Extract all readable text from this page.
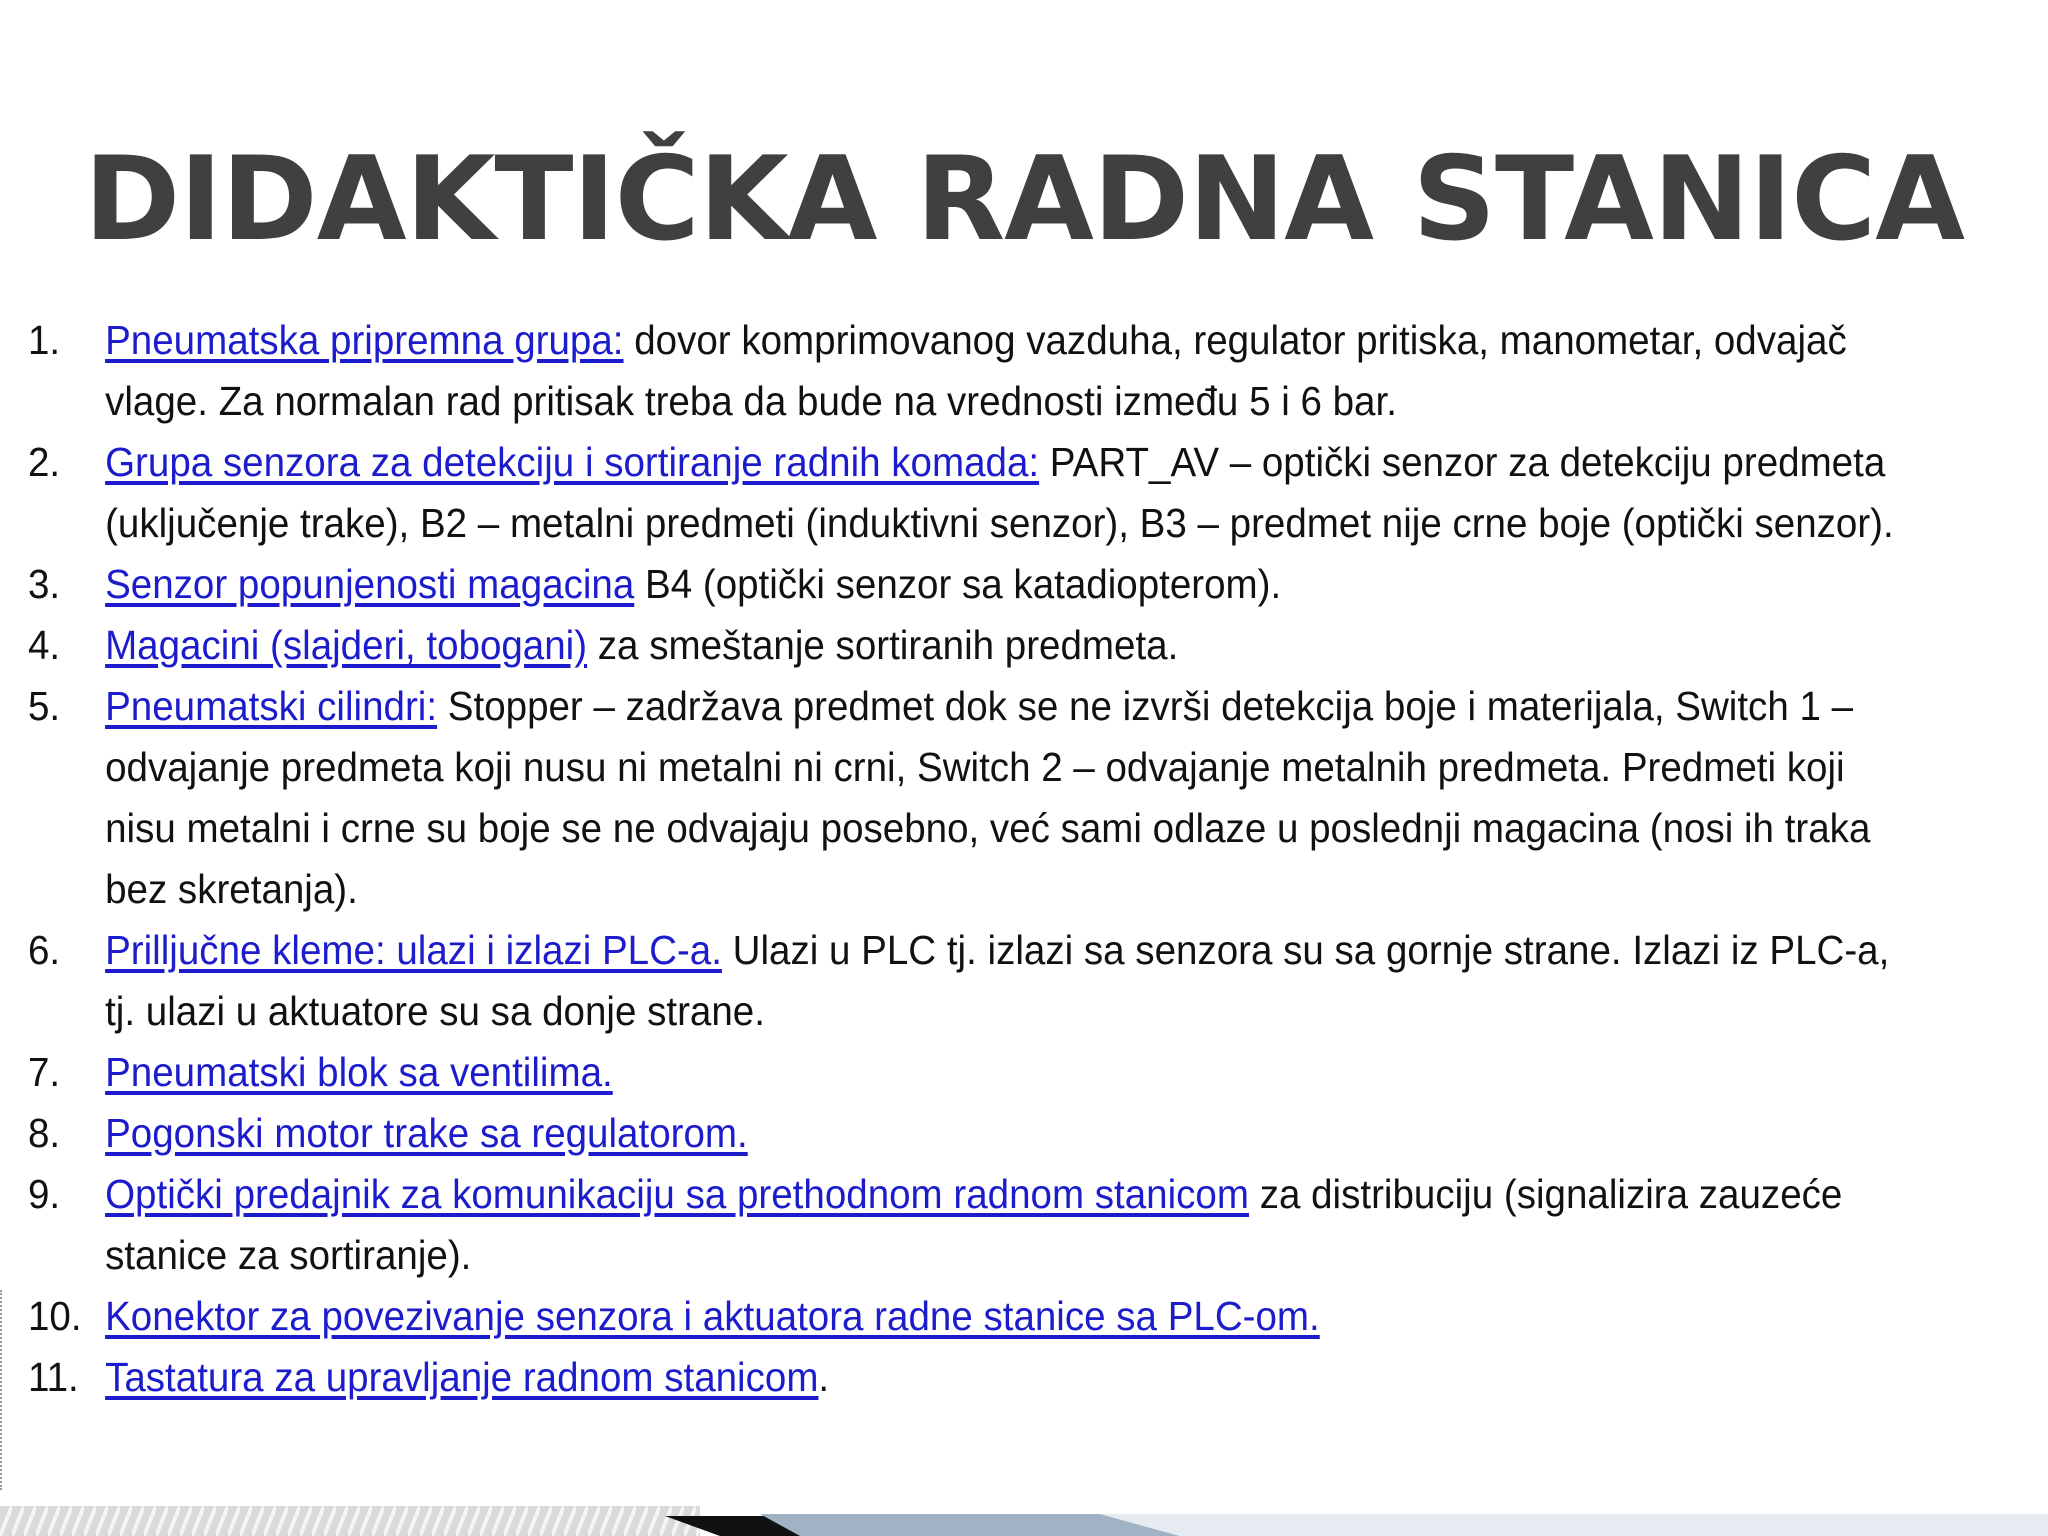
DIDAKTIČKA RADNA STANICA
1.	Pneumatska pripremna grupa: dovor komprimovanog vazduha, regulator pritiska, manometar, odvajač vlage. Za normalan rad pritisak treba da bude na vrednosti između 5 i 6 bar.
2.	Grupa senzora za detekciju i sortiranje radnih komada: PART_AV – optički senzor za detekciju predmeta (uključenje trake), B2 – metalni predmeti (induktivni senzor), B3 – predmet nije crne boje (optički senzor).
3.	Senzor popunjenosti magacina B4 (optički senzor sa katadiopterom).
4.	Magacini (slajderi, tobogani) za smeštanje sortiranih predmeta.
5.	Pneumatski cilindri: Stopper – zadržava predmet dok se ne izvrši detekcija boje i materijala, Switch 1 – odvajanje predmeta koji nusu ni metalni ni crni, Switch 2 – odvajanje metalnih predmeta. Predmeti koji nisu metalni i crne su boje se ne odvajaju posebno, već sami odlaze u poslednji magacina (nosi ih traka bez skretanja).
6.	Prilljučne kleme: ulazi i izlazi PLC-a. Ulazi u PLC tj. izlazi sa senzora su sa gornje strane. Izlazi iz PLC-a, tj. ulazi u aktuatore su sa donje strane.
7.	Pneumatski blok sa ventilima.
8.	Pogonski motor trake sa regulatorom.
9.	Optički predajnik za komunikaciju sa prethodnom radnom stanicom za distribuciju (signalizira zauzeće stanice za sortiranje).
10. Konektor za povezivanje senzora i aktuatora radne stanice sa PLC-om.
11. Tastatura za upravljanje radnom stanicom.
